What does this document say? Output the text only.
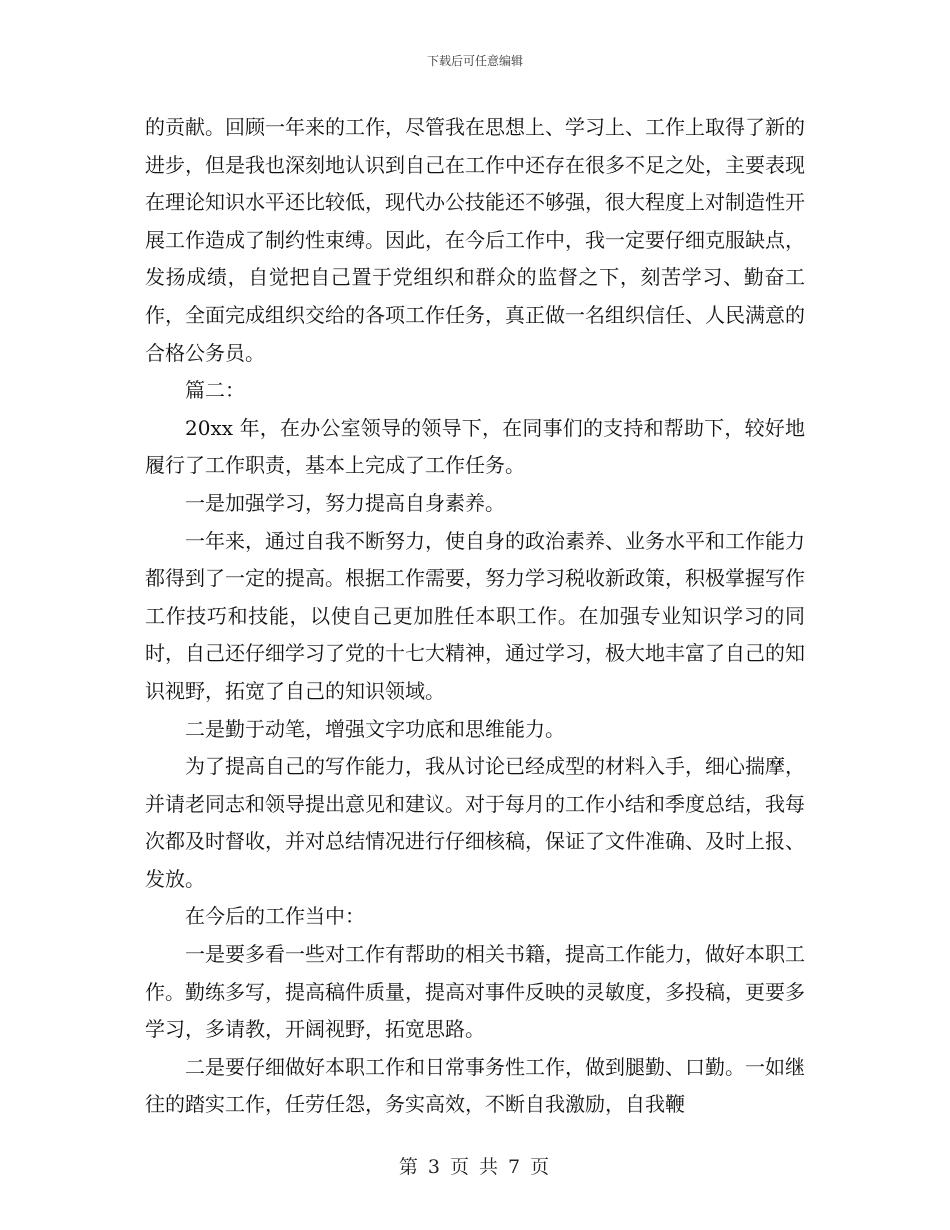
下载后可任意编辑

的贡献。回顾一年来的工作，尽管我在思想上、学习上、工作上取得了新的进步，但是我也深刻地认识到自己在工作中还存在很多不足之处，主要表现在理论知识水平还比较低，现代办公技能还不够强，很大程度上对制造性开展工作造成了制约性束缚。因此，在今后工作中，我一定要仔细克服缺点，发扬成绩，自觉把自己置于党组织和群众的监督之下，刻苦学习、勤奋工作，全面完成组织交给的各项工作任务，真正做一名组织信任、人民满意的合格公务员。

篇二：

20xx 年，在办公室领导的领导下，在同事们的支持和帮助下，较好地履行了工作职责，基本上完成了工作任务。

一是加强学习，努力提高自身素养。

一年来，通过自我不断努力，使自身的政治素养、业务水平和工作能力都得到了一定的提高。根据工作需要，努力学习税收新政策，积极掌握写作工作技巧和技能，以使自己更加胜任本职工作。在加强专业知识学习的同时，自己还仔细学习了党的十七大精神，通过学习，极大地丰富了自己的知识视野，拓宽了自己的知识领域。

二是勤于动笔，增强文字功底和思维能力。

为了提高自己的写作能力，我从讨论已经成型的材料入手，细心揣摩，并请老同志和领导提出意见和建议。对于每月的工作小结和季度总结，我每次都及时督收，并对总结情况进行仔细核稿，保证了文件准确、及时上报、发放。

在今后的工作当中：

一是要多看一些对工作有帮助的相关书籍，提高工作能力，做好本职工作。勤练多写，提高稿件质量，提高对事件反映的灵敏度，多投稿，更要多学习，多请教，开阔视野，拓宽思路。

二是要仔细做好本职工作和日常事务性工作，做到腿勤、口勤。一如继往的踏实工作，任劳任怨，务实高效，不断自我激励，自我鞭

第 3 页 共 7 页
